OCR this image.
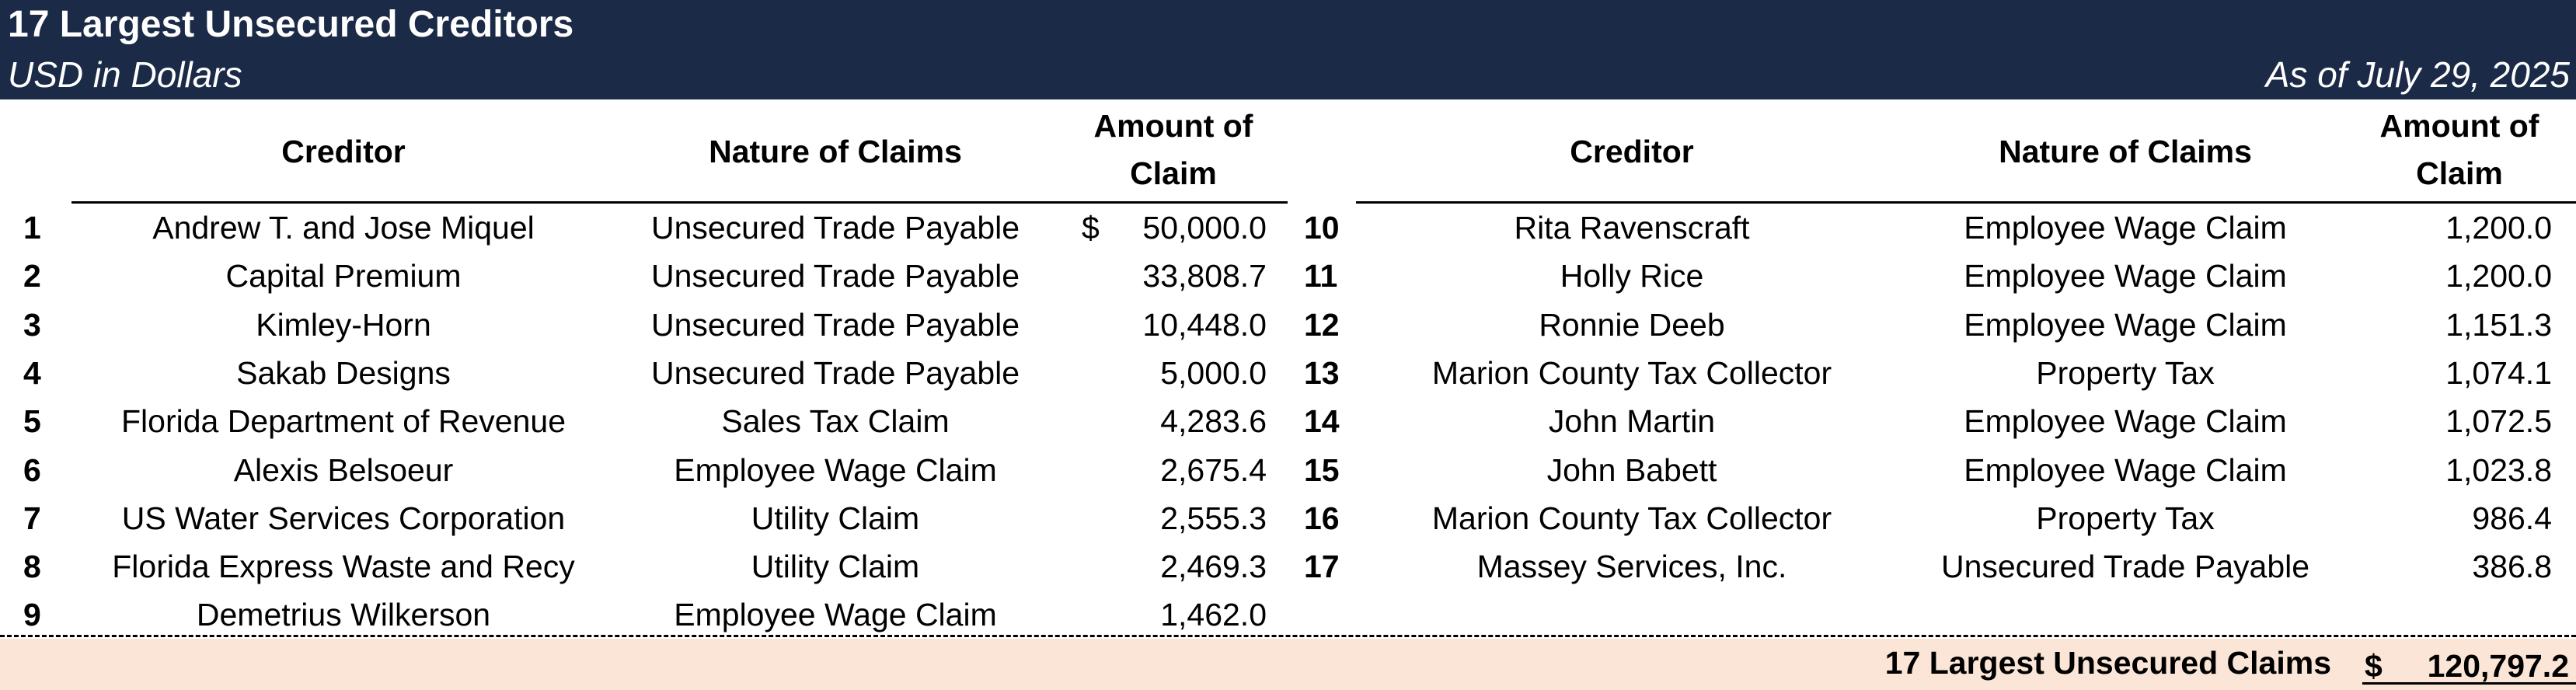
17 Largest Unsecured Creditors
USD in Dollars	As of July 29, 2025
Creditor	Nature of Claims
Amount of
Claim
Creditor	Nature of Claims
Amount of
Claim
1	Andrew T. and Jose Miquel	Unsecured Trade Payable	$	50,000.0
2	Capital Premium	Unsecured Trade Payable	33,808.7
3	Kimley-Horn	Unsecured Trade Payable	10,448.0
4	Sakab Designs	Unsecured Trade Payable	5,000.0
5	Florida Department of Revenue	Sales Tax Claim	4,283.6
6	Alexis Belsoeur	Employee Wage Claim	2,675.4
7	US Water Services Corporation	Utility Claim	2,555.3
8	Florida Express Waste and Recy	Utility Claim	2,469.3
9	Demetrius Wilkerson	Employee Wage Claim	1,462.0
10	Rita Ravenscraft	Employee Wage Claim	1,200.0
11	Holly Rice	Employee Wage Claim	1,200.0
12	Ronnie Deeb	Employee Wage Claim	1,151.3
13	Marion County Tax Collector	Property Tax	1,074.1
14	John Martin	Employee Wage Claim	1,072.5
15	John Babett	Employee Wage Claim	1,023.8
16	Marion County Tax Collector	Property Tax	986.4
17	Massey Services, Inc.	Unsecured Trade Payable	386.8
17 Largest Unsecured Claims $	120,797.2
